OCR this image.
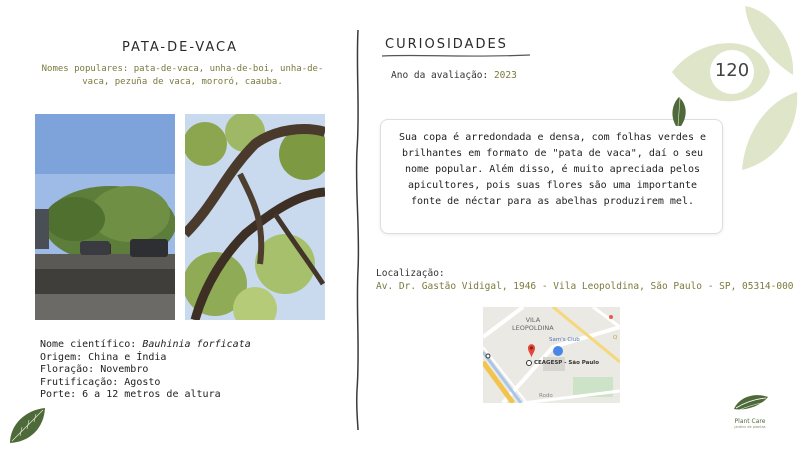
PATA-DE-VACA
Nomes populares: pata-de-vaca, unha-de-boi, unha-de-vaca, pezuña de vaca, mororó, caauba.
Nome científico: Bauhinia forficata
Origem: China e Índia
Floração: Novembro
Frutificação: Agosto
Porte: 6 a 12 metros de altura
CURIOSIDADES
Ano da avaliação: 2023

Sua copa é arredondada e densa, com folhas verdes e brilhantes em formato de "pata de vaca", daí o seu nome popular. Além disso, é muito apreciada pelos apicultores, pois suas flores são uma importante fonte de néctar para as abelhas produzirem mel.

Localização:
Av. Dr. Gastão Vidigal, 1946 - Vila Leopoldina, São Paulo - SP, 05314-000
VILA
LEOPOLDINA
Sam's Club
CEAGESP - São Paulo
Rodo
Q
120
Plant Care
jardins de plantas
